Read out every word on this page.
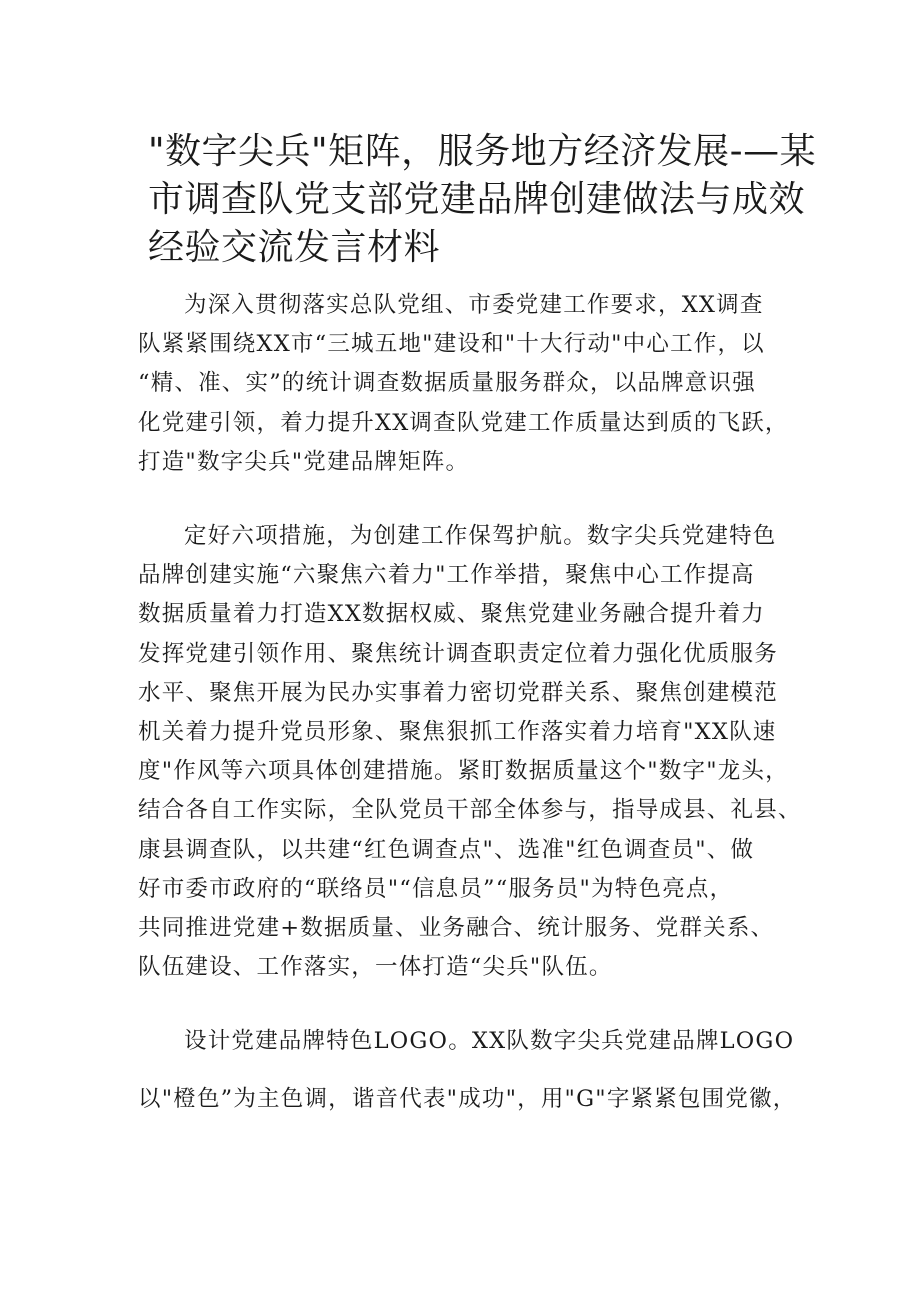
"数字尖兵"矩阵，服务地方经济发展-—某
市调查队党支部党建品牌创建做法与成效
经验交流发言材料

为深入贯彻落实总队党组、市委党建工作要求，XX调查
队紧紧围绕XX市“三城五地"建设和"十大行动"中心工作，以
“精、准、实”的统计调查数据质量服务群众，以品牌意识强
化党建引领，着力提升XX调查队党建工作质量达到质的飞跃，
打造"数字尖兵"党建品牌矩阵。

定好六项措施，为创建工作保驾护航。数字尖兵党建特色
品牌创建实施“六聚焦六着力"工作举措，聚焦中心工作提高
数据质量着力打造XX数据权威、聚焦党建业务融合提升着力
发挥党建引领作用、聚焦统计调查职责定位着力强化优质服务
水平、聚焦开展为民办实事着力密切党群关系、聚焦创建模范
机关着力提升党员形象、聚焦狠抓工作落实着力培育"XX队速
度"作风等六项具体创建措施。紧盯数据质量这个"数字"龙头，
结合各自工作实际，全队党员干部全体参与，指导成县、礼县、
康县调查队，以共建“红色调查点"、选准"红色调查员"、做
好市委市政府的“联络员"“信息员”“服务员"为特色亮点，
共同推进党建+数据质量、业务融合、统计服务、党群关系、
队伍建设、工作落实，一体打造“尖兵"队伍。

设计党建品牌特色LOGO。XX队数字尖兵党建品牌LOGO
以"橙色”为主色调，谐音代表"成功"，用"G"字紧紧包围党徽，
